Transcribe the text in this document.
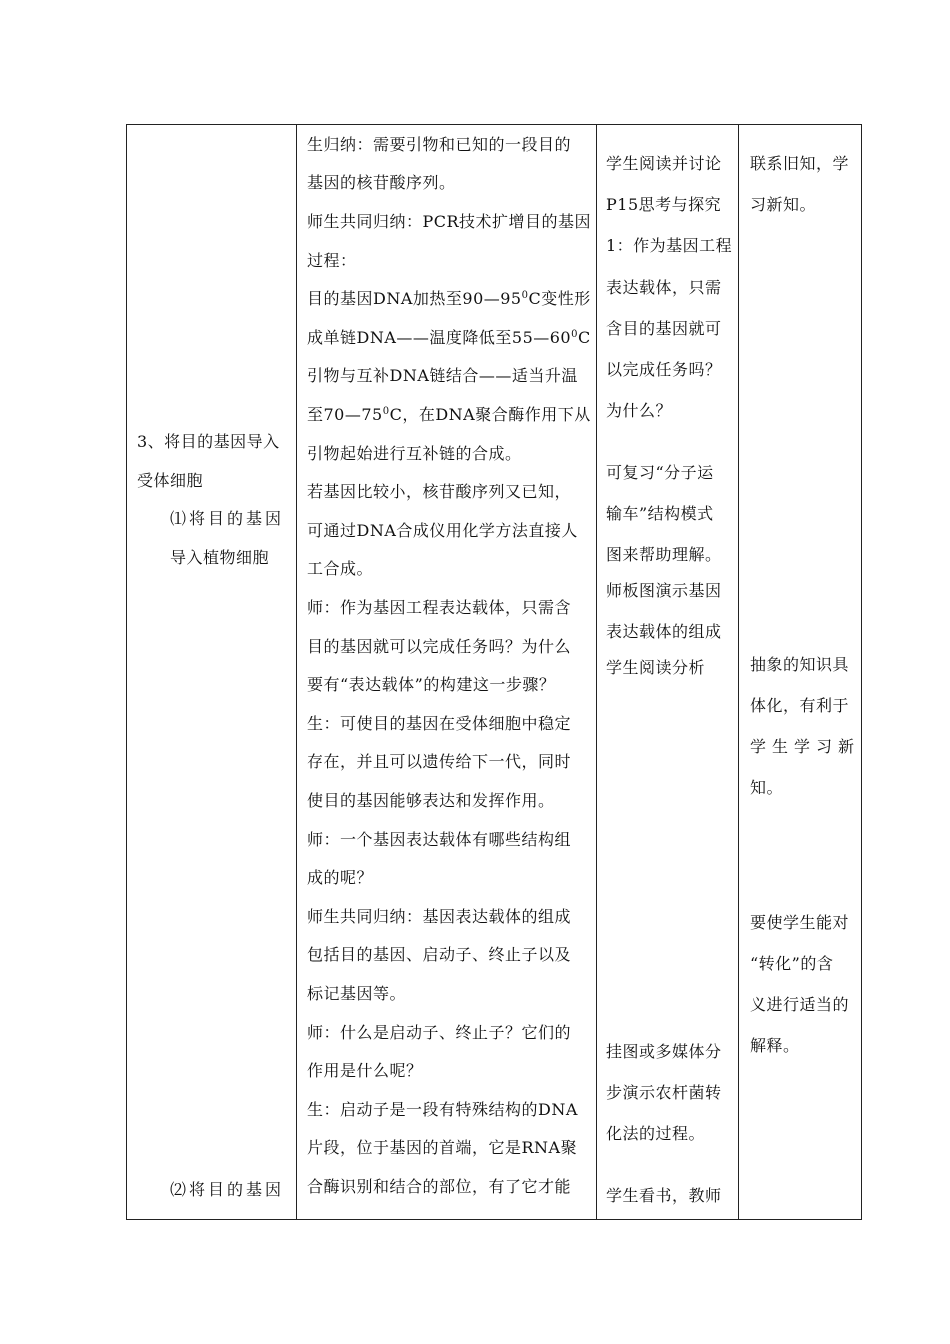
3、将目的基因导入
受体细胞
⑴将目的基因
导入植物细胞
⑵将目的基因
生归纳：需要引物和已知的一段目的
基因的核苷酸序列。
师生共同归纳：PCR技术扩增目的基因
过程：
目的基因DNA加热至$90—95^0C$变性形
成单链DNA——温度降低至$55—60^0C$
引物与互补DNA链结合——适当升温
至$70—75^0C$，在DNA聚合酶作用下从
引物起始进行互补链的合成。
若基因比较小，核苷酸序列又已知，
可通过DNA合成仪用化学方法直接人
工合成。
师：作为基因工程表达载体，只需含
目的基因就可以完成任务吗？为什么
要有“表达载体”的构建这一步骤？
生：可使目的基因在受体细胞中稳定
存在，并且可以遗传给下一代，同时
使目的基因能够表达和发挥作用。
师：一个基因表达载体有哪些结构组
成的呢？
师生共同归纳：基因表达载体的组成
包括目的基因、启动子、终止子以及
标记基因等。
师：什么是启动子、终止子？它们的
作用是什么呢？
生：启动子是一段有特殊结构的DNA
片段，位于基因的首端，它是RNA聚
合酶识别和结合的部位，有了它才能
学生阅读并讨论
P15思考与探究
1：作为基因工程
表达载体，只需
含目的基因就可
以完成任务吗？
为什么？
可复习“分子运
输车”结构模式
图来帮助理解。
师板图演示基因
表达载体的组成
学生阅读分析
挂图或多媒体分
步演示农杆菌转
化法的过程。
学生看书，教师
联系旧知，学
习新知。
抽象的知识具
体化，有利于
学生学习新
知。
要使学生能对
“转化”的含
义进行适当的
解释。
